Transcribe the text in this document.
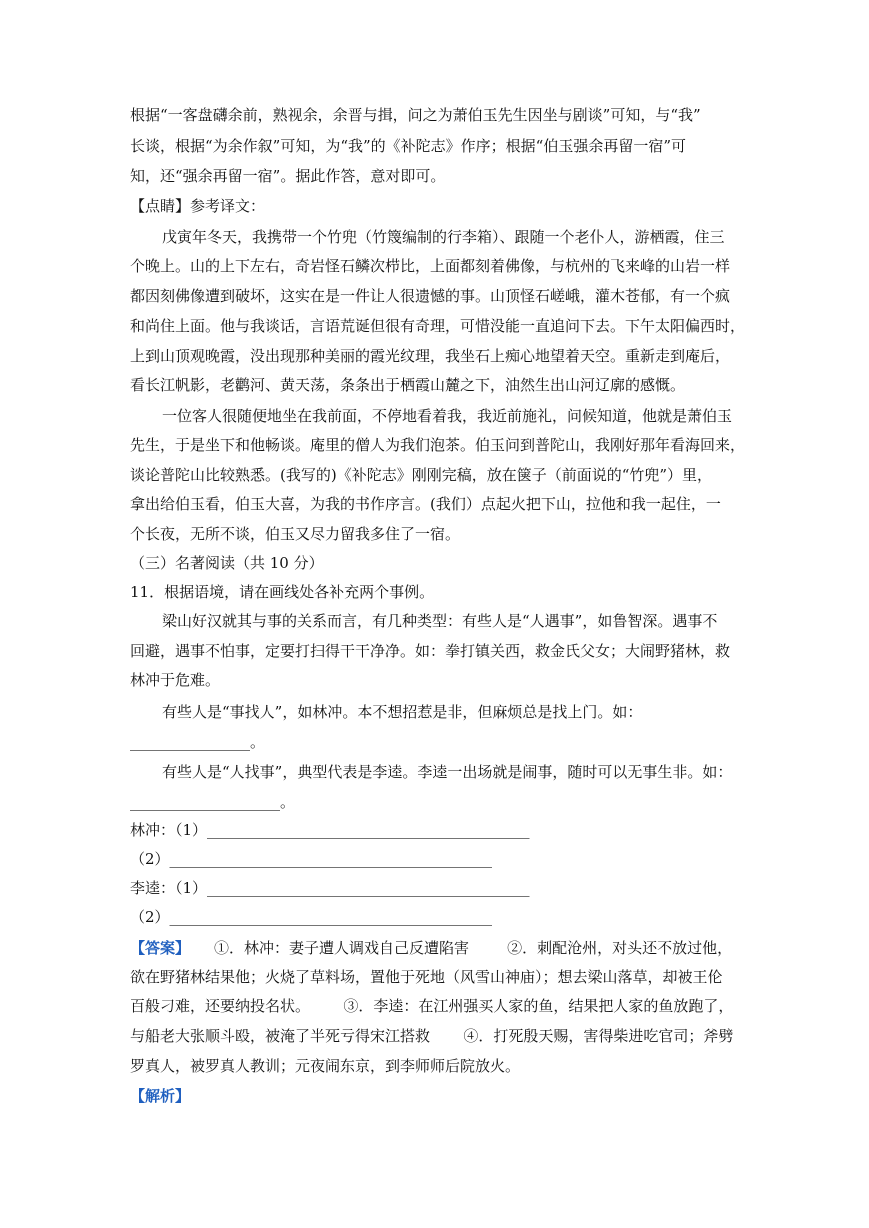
根据“一客盘礴余前，熟视余，余晋与揖，问之为萧伯玉先生因坐与剧谈”可知，与“我”
长谈，根据“为余作叙”可知，为“我”的《补陀志》作序；根据“伯玉强余再留一宿”可
知，还“强余再留一宿”。据此作答，意对即可。
【点睛】参考译文：
戊寅年冬天，我携带一个竹兜（竹篾编制的行李箱）、跟随一个老仆人，游栖霞，住三
个晚上。山的上下左右，奇岩怪石鳞次栉比，上面都刻着佛像，与杭州的飞来峰的山岩一样
都因刻佛像遭到破坏，这实在是一件让人很遗憾的事。山顶怪石嵯峨，灌木苍郁，有一个疯
和尚住上面。他与我谈话，言语荒诞但很有奇理，可惜没能一直追问下去。下午太阳偏西时，
上到山顶观晚霞，没出现那种美丽的霞光纹理，我坐石上痴心地望着天空。重新走到庵后，
看长江帆影，老鹳河、黄天荡，条条出于栖霞山麓之下，油然生出山河辽廓的感慨。
一位客人很随便地坐在我前面，不停地看着我，我近前施礼，问候知道，他就是萧伯玉
先生，于是坐下和他畅谈。庵里的僧人为我们泡茶。伯玉问到普陀山，我刚好那年看海回来，
谈论普陀山比较熟悉。(我写的)《补陀志》刚刚完稿，放在箧子（前面说的“竹兜”）里，
拿出给伯玉看，伯玉大喜，为我的书作序言。(我们）点起火把下山，拉他和我一起住，一
个长夜，无所不谈，伯玉又尽力留我多住了一宿。
（三）名著阅读（共 10 分）
11．根据语境，请在画线处各补充两个事例。
梁山好汉就其与事的关系而言，有几种类型：有些人是“人遇事”，如鲁智深。遇事不
回避，遇事不怕事，定要打扫得干干净净。如：拳打镇关西，救金氏父女；大闹野猪林，救
林冲于危难。
有些人是“事找人”，如林冲。本不想招惹是非，但麻烦总是找上门。如：
________________。
有些人是“人找事”，典型代表是李逵。李逵一出场就是闹事，随时可以无事生非。如：
____________________。
林冲：（1）___________________________________________
（2）___________________________________________
李逵：（1）___________________________________________
（2）___________________________________________
【答案】 ①．林冲：妻子遭人调戏自己反遭陷害        ②．刺配沧州，对头还不放过他，
欲在野猪林结果他；火烧了草料场，置他于死地（风雪山神庙）；想去梁山落草，却被王伦
百般刁难，还要纳投名状。       ③．李逵：在江州强买人家的鱼，结果把人家的鱼放跑了，
与船老大张顺斗殴，被淹了半死亏得宋江搭救       ④．打死殷天赐，害得柴进吃官司；斧劈
罗真人，被罗真人教训；元夜闹东京，到李师师后院放火。
【解析】
